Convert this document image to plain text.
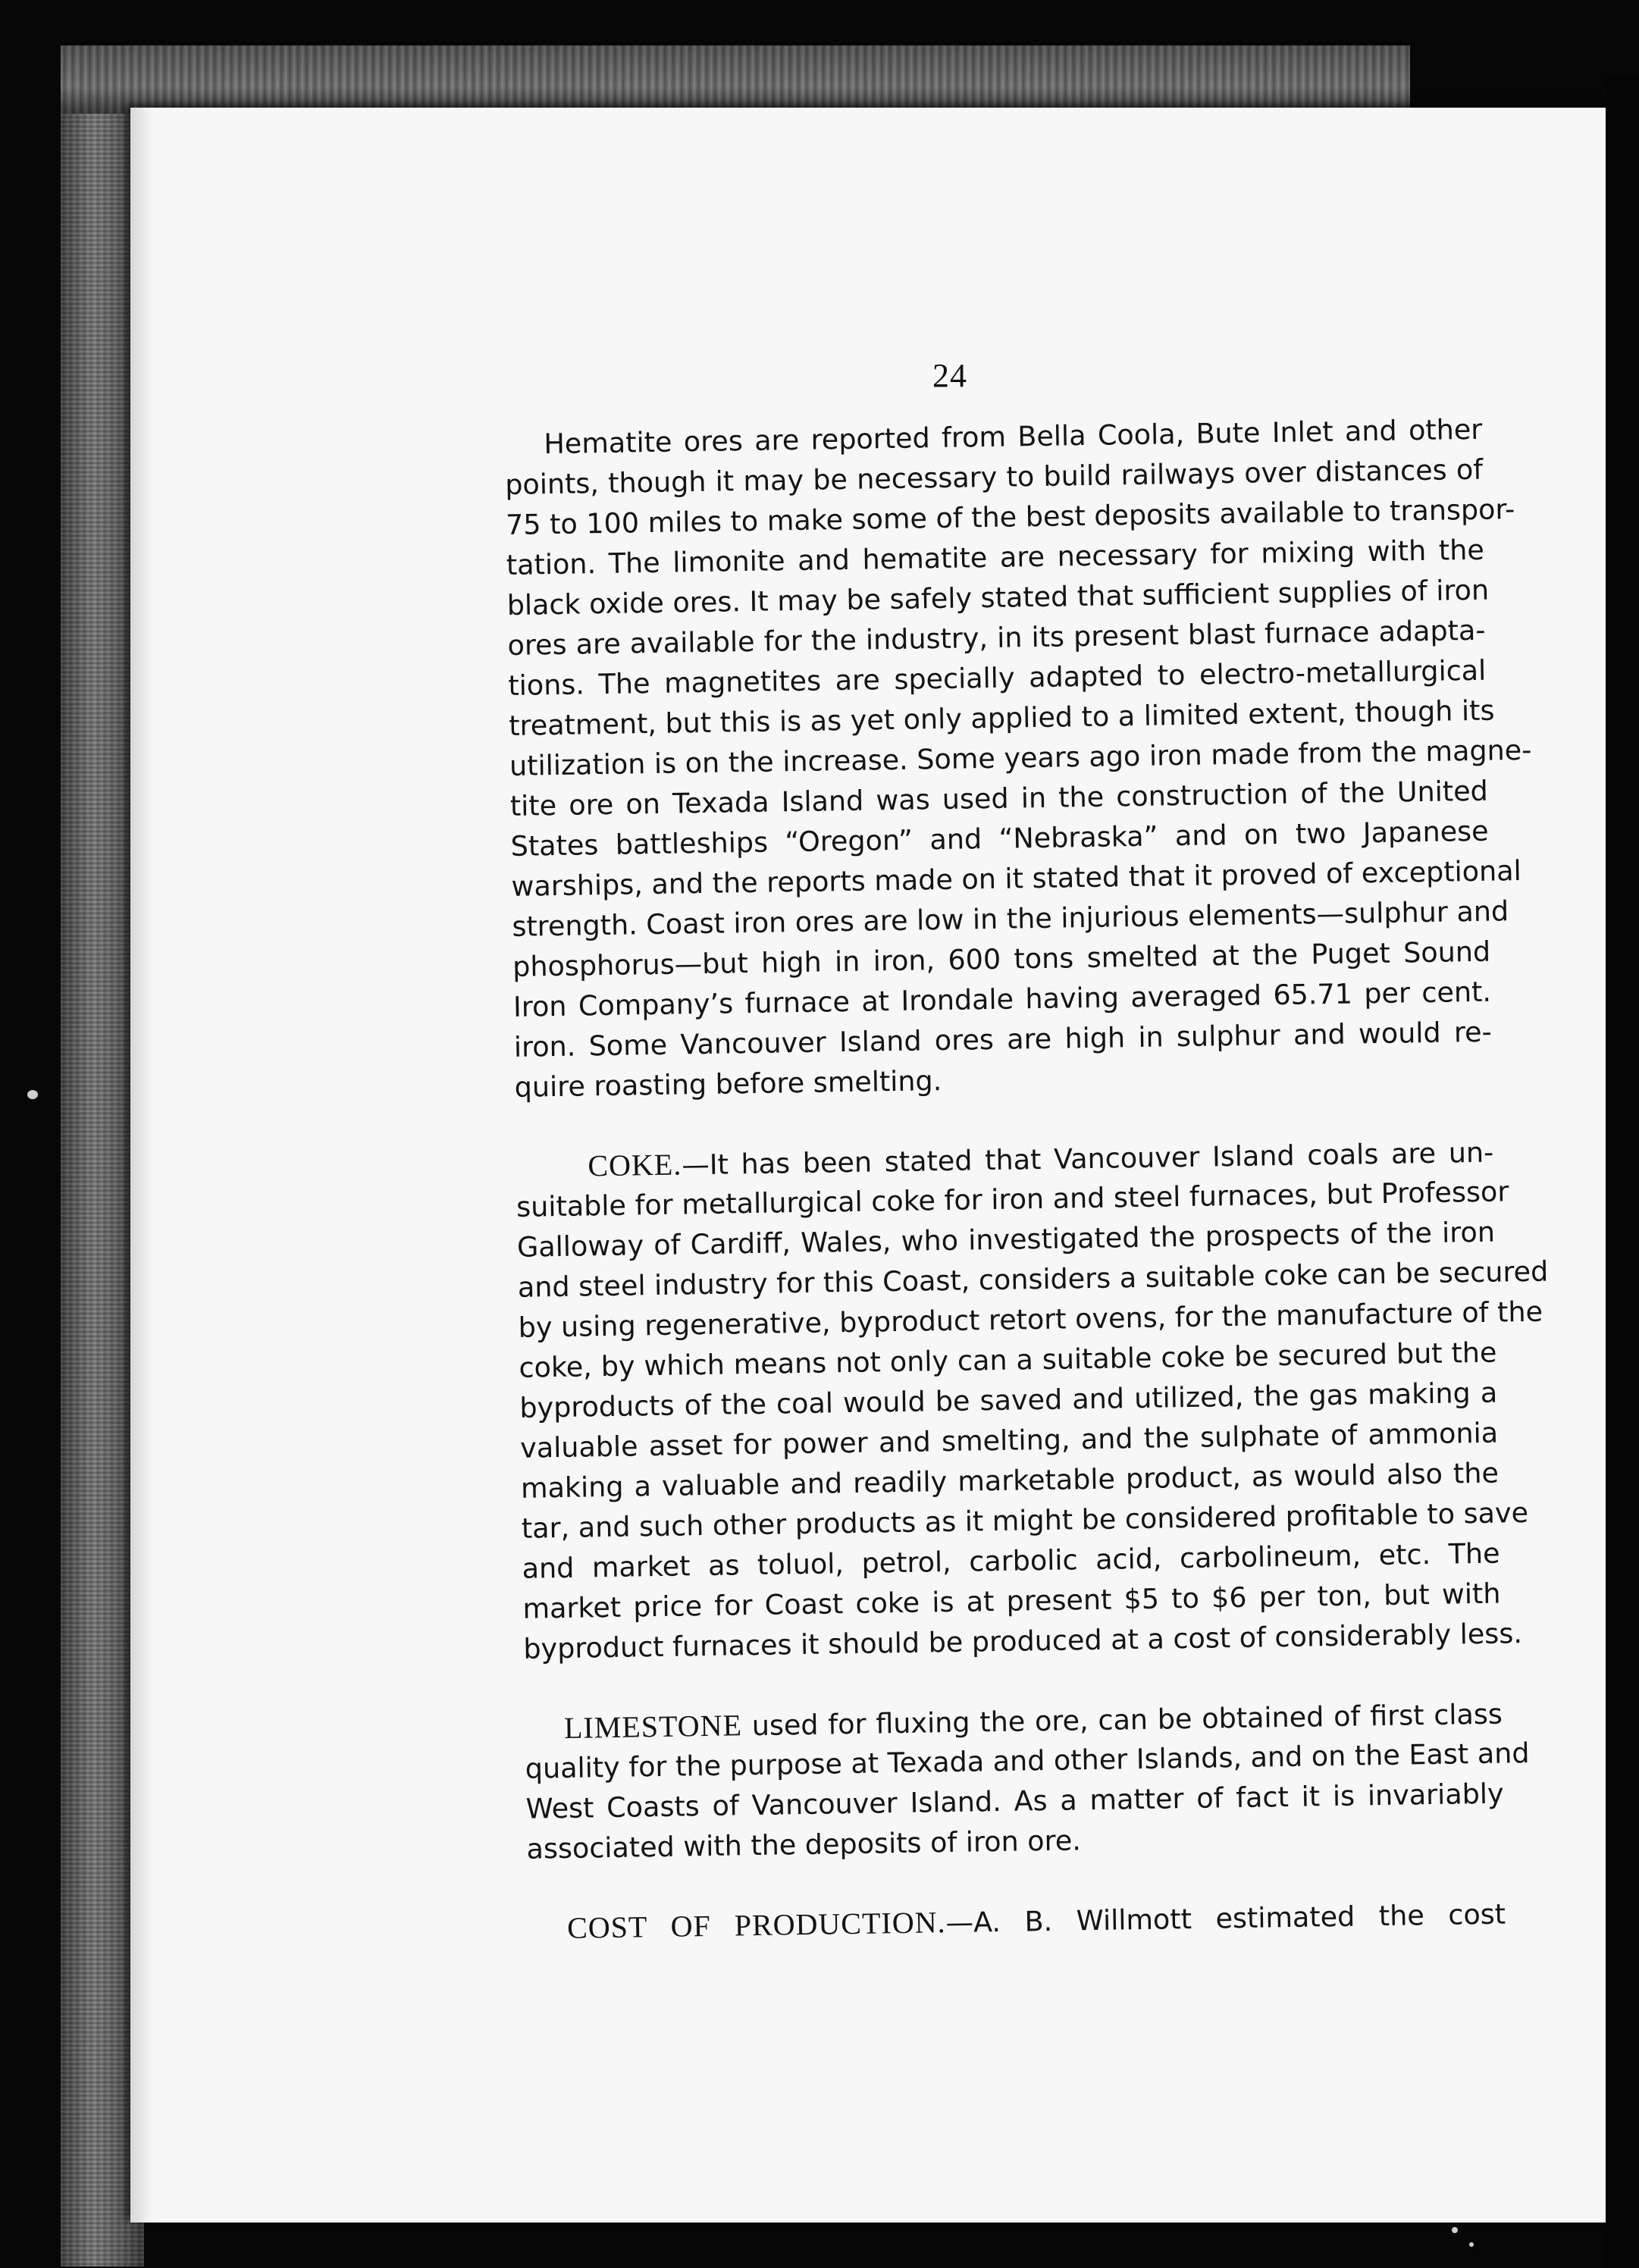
24
Hematite ores are reported from Bella Coola, Bute Inlet and other
points, though it may be necessary to build railways over distances of
75 to 100 miles to make some of the best deposits available to transpor-
tation. The limonite and hematite are necessary for mixing with the
black oxide ores. It may be safely stated that sufficient supplies of iron
ores are available for the industry, in its present blast furnace adapta-
tions. The magnetites are specially adapted to electro-metallurgical
treatment, but this is as yet only applied to a limited extent, though its
utilization is on the increase. Some years ago iron made from the magne-
tite ore on Texada Island was used in the construction of the United
States battleships “Oregon” and “Nebraska” and on two Japanese
warships, and the reports made on it stated that it proved of exceptional
strength. Coast iron ores are low in the injurious elements—sulphur and
phosphorus—but high in iron, 600 tons smelted at the Puget Sound
Iron Company’s furnace at Irondale having averaged 65.71 per cent.
iron. Some Vancouver Island ores are high in sulphur and would re-
quire roasting before smelting.
COKE.—It has been stated that Vancouver Island coals are un-
suitable for metallurgical coke for iron and steel furnaces, but Professor
Galloway of Cardiff, Wales, who investigated the prospects of the iron
and steel industry for this Coast, considers a suitable coke can be secured
by using regenerative, byproduct retort ovens, for the manufacture of the
coke, by which means not only can a suitable coke be secured but the
byproducts of the coal would be saved and utilized, the gas making a
valuable asset for power and smelting, and the sulphate of ammonia
making a valuable and readily marketable product, as would also the
tar, and such other products as it might be considered profitable to save
and market as toluol, petrol, carbolic acid, carbolineum, etc. The
market price for Coast coke is at present $5 to $6 per ton, but with
byproduct furnaces it should be produced at a cost of considerably less.
LIMESTONE used for fluxing the ore, can be obtained of first class
quality for the purpose at Texada and other Islands, and on the East and
West Coasts of Vancouver Island. As a matter of fact it is invariably
associated with the deposits of iron ore.
COST OF PRODUCTION.—A. B. Willmott estimated the cost
